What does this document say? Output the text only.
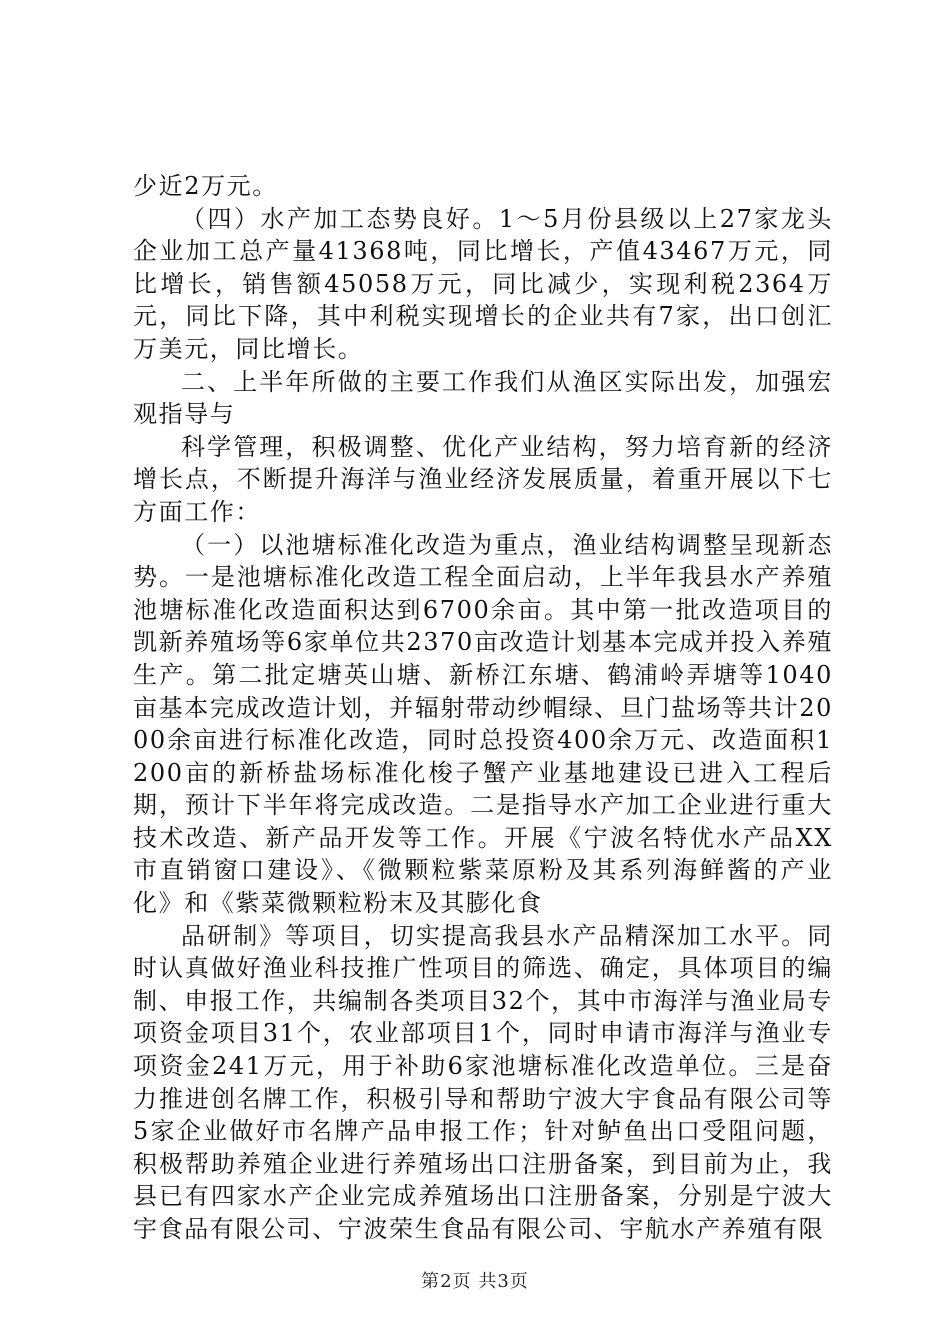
少近2万元。

（四）水产加工态势良好。1～5月份县级以上27家龙头企业加工总产量41368吨，同比增长，产值43467万元，同比增长，销售额45058万元，同比减少，实现利税2364万元，同比下降，其中利税实现增长的企业共有7家，出口创汇万美元，同比增长。

二、上半年所做的主要工作我们从渔区实际出发，加强宏观指导与

科学管理，积极调整、优化产业结构，努力培育新的经济增长点，不断提升海洋与渔业经济发展质量，着重开展以下七方面工作：

（一）以池塘标准化改造为重点，渔业结构调整呈现新态势。一是池塘标准化改造工程全面启动，上半年我县水产养殖池塘标准化改造面积达到6700余亩。其中第一批改造项目的凯新养殖场等6家单位共2370亩改造计划基本完成并投入养殖生产。第二批定塘英山塘、新桥江东塘、鹤浦岭弄塘等1040亩基本完成改造计划，并辐射带动纱帽绿、旦门盐场等共计2000余亩进行标准化改造，同时总投资400余万元、改造面积1200亩的新桥盐场标准化梭子蟹产业基地建设已进入工程后期，预计下半年将完成改造。二是指导水产加工企业进行重大技术改造、新产品开发等工作。开展《宁波名特优水产品XX市直销窗口建设》、《微颗粒紫菜原粉及其系列海鲜酱的产业化》和《紫菜微颗粒粉末及其膨化食

品研制》等项目，切实提高我县水产品精深加工水平。同时认真做好渔业科技推广性项目的筛选、确定，具体项目的编制、申报工作，共编制各类项目32个，其中市海洋与渔业局专项资金项目31个，农业部项目1个，同时申请市海洋与渔业专项资金241万元，用于补助6家池塘标准化改造单位。三是奋力推进创名牌工作，积极引导和帮助宁波大宇食品有限公司等5家企业做好市名牌产品申报工作；针对鲈鱼出口受阻问题，积极帮助养殖企业进行养殖场出口注册备案，到目前为止，我县已有四家水产企业完成养殖场出口注册备案，分别是宁波大宇食品有限公司、宁波荣生食品有限公司、宇航水产养殖有限

第2页 共3页
